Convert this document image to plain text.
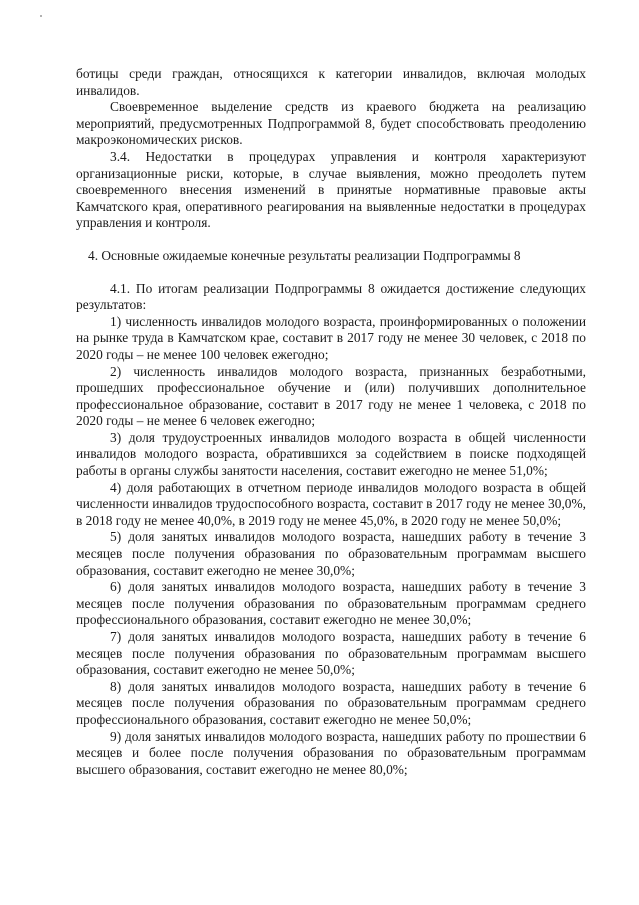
ботицы среди граждан, относящихся к категории инвалидов, включая молодых инвалидов.

Своевременное выделение средств из краевого бюджета на реализацию мероприятий, предусмотренных Подпрограммой 8, будет способствовать преодолению макроэкономических рисков.

3.4. Недостатки в процедурах управления и контроля характеризуют организационные риски, которые, в случае выявления, можно преодолеть путем своевременного внесения изменений в принятые нормативные правовые акты Камчатского края, оперативного реагирования на выявленные недостатки в процедурах управления и контроля.

4. Основные ожидаемые конечные результаты реализации Подпрограммы 8

4.1. По итогам реализации Подпрограммы 8 ожидается достижение следующих результатов:

1) численность инвалидов молодого возраста, проинформированных о положении на рынке труда в Камчатском крае, составит в 2017 году не менее 30 человек, с 2018 по 2020 годы – не менее 100 человек ежегодно;

2) численность инвалидов молодого возраста, признанных безработными, прошедших профессиональное обучение и (или) получивших дополнительное профессиональное образование, составит в 2017 году не менее 1 человека, с 2018 по 2020 годы – не менее 6 человек ежегодно;

3) доля трудоустроенных инвалидов молодого возраста в общей численности инвалидов молодого возраста, обратившихся за содействием в поиске подходящей работы в органы службы занятости населения, составит ежегодно не менее 51,0%;

4) доля работающих в отчетном периоде инвалидов молодого возраста в общей численности инвалидов трудоспособного возраста, составит в 2017 году не менее 30,0%, в 2018 году не менее 40,0%, в 2019 году не менее 45,0%, в 2020 году не менее 50,0%;

5) доля занятых инвалидов молодого возраста, нашедших работу в течение 3 месяцев после получения образования по образовательным программам высшего образования, составит ежегодно не менее 30,0%;

6) доля занятых инвалидов молодого возраста, нашедших работу в течение 3 месяцев после получения образования по образовательным программам среднего профессионального образования, составит ежегодно не менее 30,0%;

7) доля занятых инвалидов молодого возраста, нашедших работу в течение 6 месяцев после получения образования по образовательным программам высшего образования, составит ежегодно не менее 50,0%;

8) доля занятых инвалидов молодого возраста, нашедших работу в течение 6 месяцев после получения образования по образовательным программам среднего профессионального образования, составит ежегодно не менее 50,0%;

9) доля занятых инвалидов молодого возраста, нашедших работу по прошествии 6 месяцев и более после получения образования по образовательным программам высшего образования, составит ежегодно не менее 80,0%;
